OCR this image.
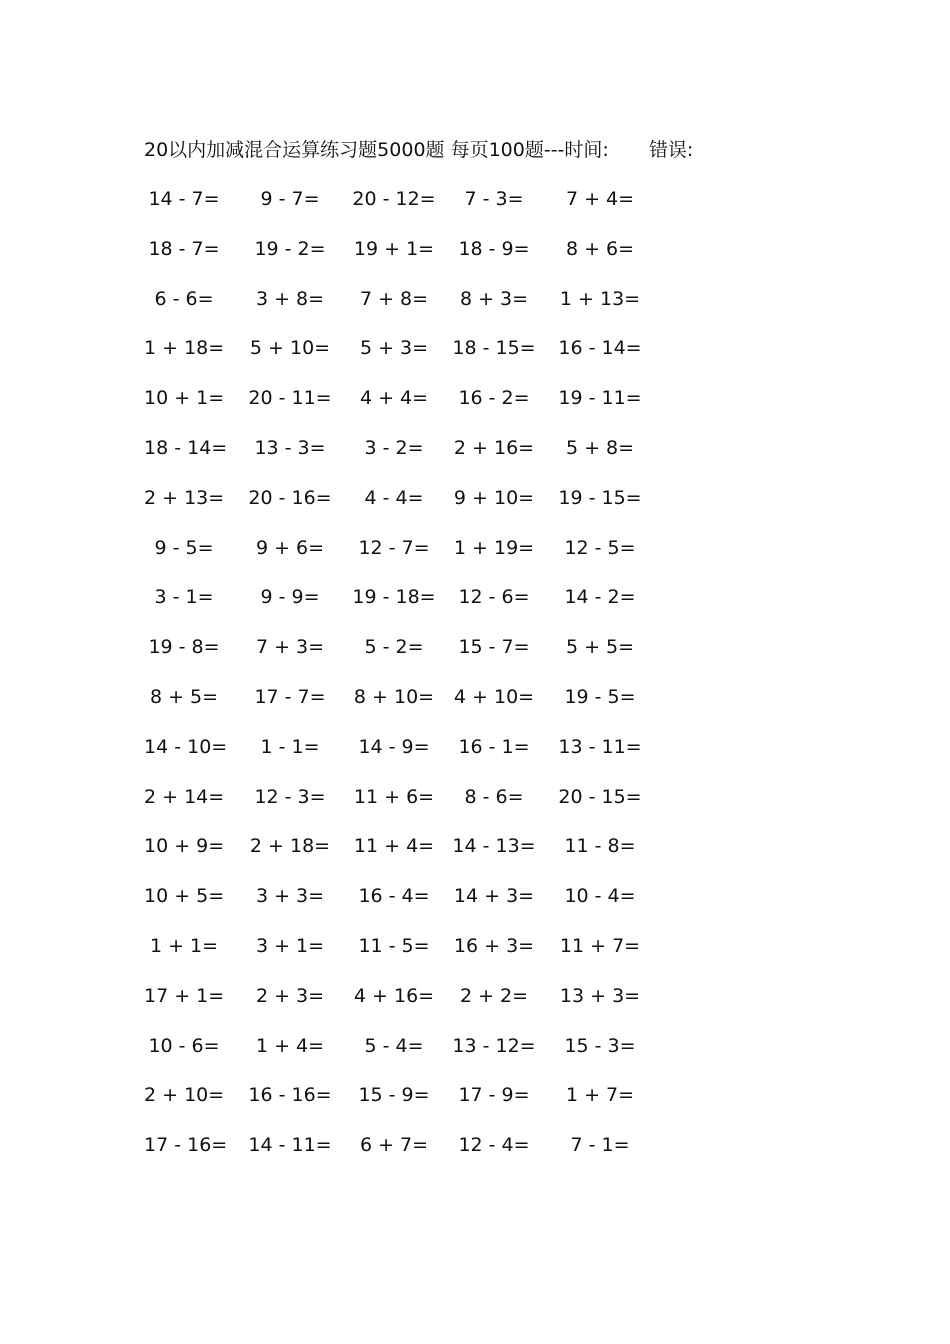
20以内加减混合运算练习题5000题 每页100题---时间: 错误:
14 - 7= 9 - 7= 20 - 12= 7 - 3= 7 + 4=
18 - 7= 19 - 2= 19 + 1= 18 - 9= 8 + 6=
6 - 6= 3 + 8= 7 + 8= 8 + 3= 1 + 13=
1 + 18= 5 + 10= 5 + 3= 18 - 15= 16 - 14=
10 + 1= 20 - 11= 4 + 4= 16 - 2= 19 - 11=
18 - 14= 13 - 3= 3 - 2= 2 + 16= 5 + 8=
2 + 13= 20 - 16= 4 - 4= 9 + 10= 19 - 15=
9 - 5= 9 + 6= 12 - 7= 1 + 19= 12 - 5=
3 - 1= 9 - 9= 19 - 18= 12 - 6= 14 - 2=
19 - 8= 7 + 3= 5 - 2= 15 - 7= 5 + 5=
8 + 5= 17 - 7= 8 + 10= 4 + 10= 19 - 5=
14 - 10= 1 - 1= 14 - 9= 16 - 1= 13 - 11=
2 + 14= 12 - 3= 11 + 6= 8 - 6= 20 - 15=
10 + 9= 2 + 18= 11 + 4= 14 - 13= 11 - 8=
10 + 5= 3 + 3= 16 - 4= 14 + 3= 10 - 4=
1 + 1= 3 + 1= 11 - 5= 16 + 3= 11 + 7=
17 + 1= 2 + 3= 4 + 16= 2 + 2= 13 + 3=
10 - 6= 1 + 4= 5 - 4= 13 - 12= 15 - 3=
2 + 10= 16 - 16= 15 - 9= 17 - 9= 1 + 7=
17 - 16= 14 - 11= 6 + 7= 12 - 4= 7 - 1=
